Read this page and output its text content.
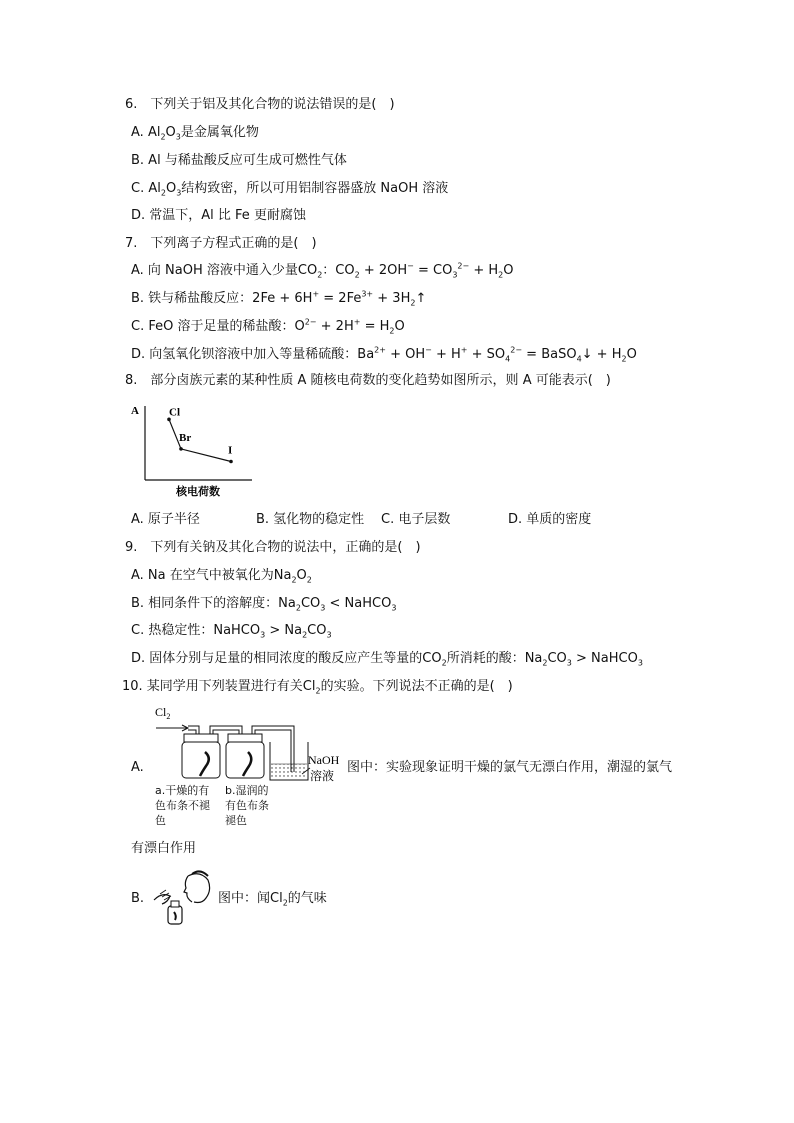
6.　下列关于铝及其化合物的说法错误的是(　)
A. $Al_2O_3$是金属氧化物
B. Al 与稀盐酸反应可生成可燃性气体
C. $Al_2O_3$结构致密，所以可用铝制容器盛放 NaOH 溶液
D. 常温下，Al 比 Fe 更耐腐蚀
7.　下列离子方程式正确的是(　)
A. 向 NaOH 溶液中通入少量$CO_2$：$CO_2 + 2OH^- = CO_3^{2-} + H_2O$
B. 铁与稀盐酸反应：$2Fe + 6H^+ = 2Fe^{3+}$ + $3H_2↑$
C. FeO 溶于足量的稀盐酸：$O^{2-} + 2H^+ = H_2O$
D. 向氢氧化钡溶液中加入等量稀硫酸：$Ba^{2+} + OH^- + H^+ + SO_4^{2-}$ = BaSO$_4$↓ + $H_2O$
8.　部分卤族元素的某种性质 A 随核电荷数的变化趋势如图所示，则 A 可能表示(　)
A
核电荷数
Cl
Br
I
A. 原子半径	B. 氢化物的稳定性 C. 电子层数	D. 单质的密度
9.　下列有关钠及其化合物的说法中，正确的是(　)
A. Na 在空气中被氧化为$Na_2O_2$
B. 相同条件下的溶解度：$Na_2CO_3$ < NaHCO$_3$
C. 热稳定性：NaHCO$_3$ > $Na_2CO_3$
D. 固体分别与足量的相同浓度的酸反应产生等量的$CO_2$所消耗的酸：$Na_2CO_3$ > NaHCO$_3$
10. 某同学用下列装置进行有关$Cl_2$的实验。下列说法不正确的是(　)
A.
$Cl_2$
NaOH
溶液
a.干燥的有
色布条不褪
色
b.湿润的
有色布条
褪色
图中：实验现象证明干燥的氯气无漂白作用，潮湿的氯气
有漂白作用
B.	图中：闻$Cl_2$的气味
